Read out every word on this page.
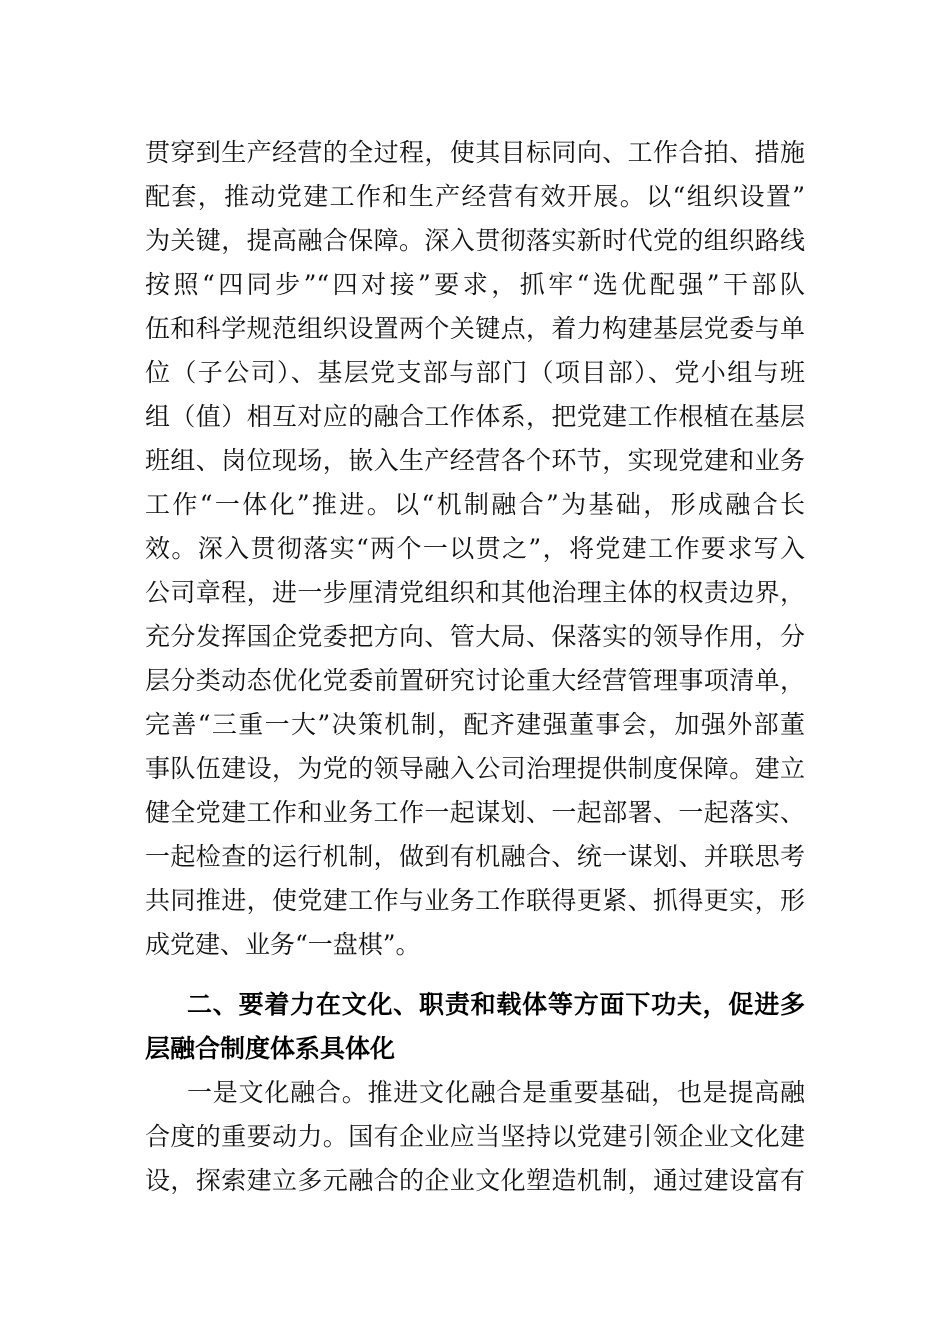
贯穿到生产经营的全过程，使其目标同向、工作合拍、措施
配套，推动党建工作和生产经营有效开展。以“组织设置”
为关键，提高融合保障。深入贯彻落实新时代党的组织路线
按照“四同步”“四对接”要求，抓牢“选优配强”干部队
伍和科学规范组织设置两个关键点，着力构建基层党委与单
位（子公司）、基层党支部与部门（项目部）、党小组与班
组（值）相互对应的融合工作体系，把党建工作根植在基层
班组、岗位现场，嵌入生产经营各个环节，实现党建和业务
工作“一体化”推进。以“机制融合”为基础，形成融合长
效。深入贯彻落实“两个一以贯之”，将党建工作要求写入
公司章程，进一步厘清党组织和其他治理主体的权责边界，
充分发挥国企党委把方向、管大局、保落实的领导作用，分
层分类动态优化党委前置研究讨论重大经营管理事项清单，
完善“三重一大”决策机制，配齐建强董事会，加强外部董
事队伍建设，为党的领导融入公司治理提供制度保障。建立
健全党建工作和业务工作一起谋划、一起部署、一起落实、
一起检查的运行机制，做到有机融合、统一谋划、并联思考
共同推进，使党建工作与业务工作联得更紧、抓得更实，形
成党建、业务“一盘棋”。
二、要着力在文化、职责和载体等方面下功夫，促进多
层融合制度体系具体化
一是文化融合。推进文化融合是重要基础，也是提高融
合度的重要动力。国有企业应当坚持以党建引领企业文化建
设，探索建立多元融合的企业文化塑造机制，通过建设富有
